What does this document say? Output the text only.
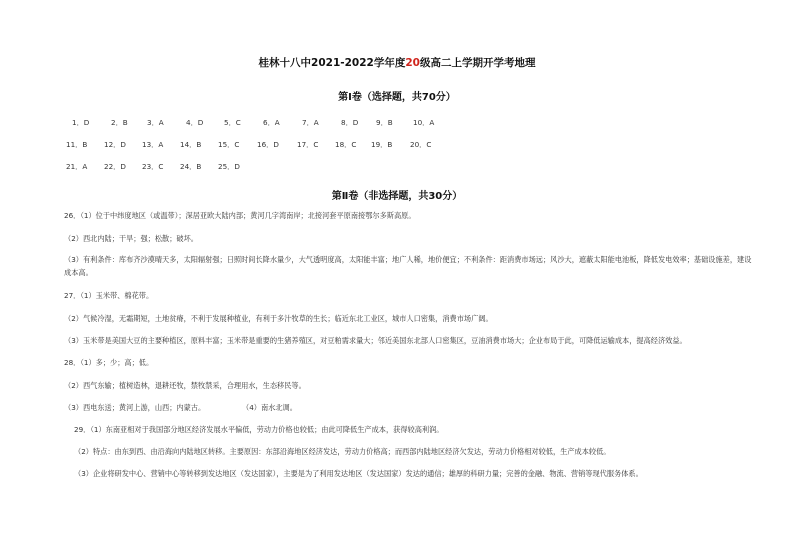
桂林十八中2021-2022学年度20级高二上学期开学考地理
第Ⅰ卷（选择题，共70分）
1．D	2．B	3．A	4．D	5．C	6．A	7．A	8．D 9．B	10．A
11．B 12．D 13．A 14．B 15．C 16．D	17．C 18．C 19．B 20．C
21．A 22．D 23．C 24．B 25．D
第Ⅱ卷（非选择题，共30分）
26．（1）位于中纬度地区（或温带）；深居亚欧大陆内部；黄河几字湾南岸；北接河套平原南接鄂尔多斯高原。
（2）西北内陆；干旱；强；松散；破坏。
（3）有利条件：库布齐沙漠晴天多，太阳辐射强；日照时间长降水量少，大气透明度高，太阳能丰富；地广人稀，地价便宜；不利条件：距消费市场远；风沙大，遮蔽太阳能电池板，降低发电效率；基础设施差，建设成本高。
27．（1）玉米带、棉花带。
（2）气候冷湿，无霜期短，土地贫瘠，不利于发展种植业，有利于多汁牧草的生长；临近东北工业区，城市人口密集，消费市场广阔。
（3）玉米带是美国大豆的主要种植区，原料丰富；玉米带是重要的生猪养殖区，对豆粕需求量大；邻近美国东北部人口密集区，豆油消费市场大；企业布局于此，可降低运输成本，提高经济效益。
28．（1）多；少；高；低。
（2）西气东输；植树造林，退耕还牧，禁牧禁采，合理用水，生态移民等。
（3）西电东送；黄河上游，山西；内蒙古。	（4）南水北调。
29．（1）东南亚相对于我国部分地区经济发展水平偏低，劳动力价格也较低；由此可降低生产成本，获得较高利润。
（2）特点：由东到西、由沿海向内陆地区转移。主要原因：东部沿海地区经济发达，劳动力价格高；而西部内陆地区经济欠发达，劳动力价格相对较低，生产成本较低。
（3）企业将研发中心、营销中心等转移到发达地区（发达国家），主要是为了利用发达地区（发达国家）发达的通信；雄厚的科研力量；完善的金融、物流、营销等现代服务体系。
